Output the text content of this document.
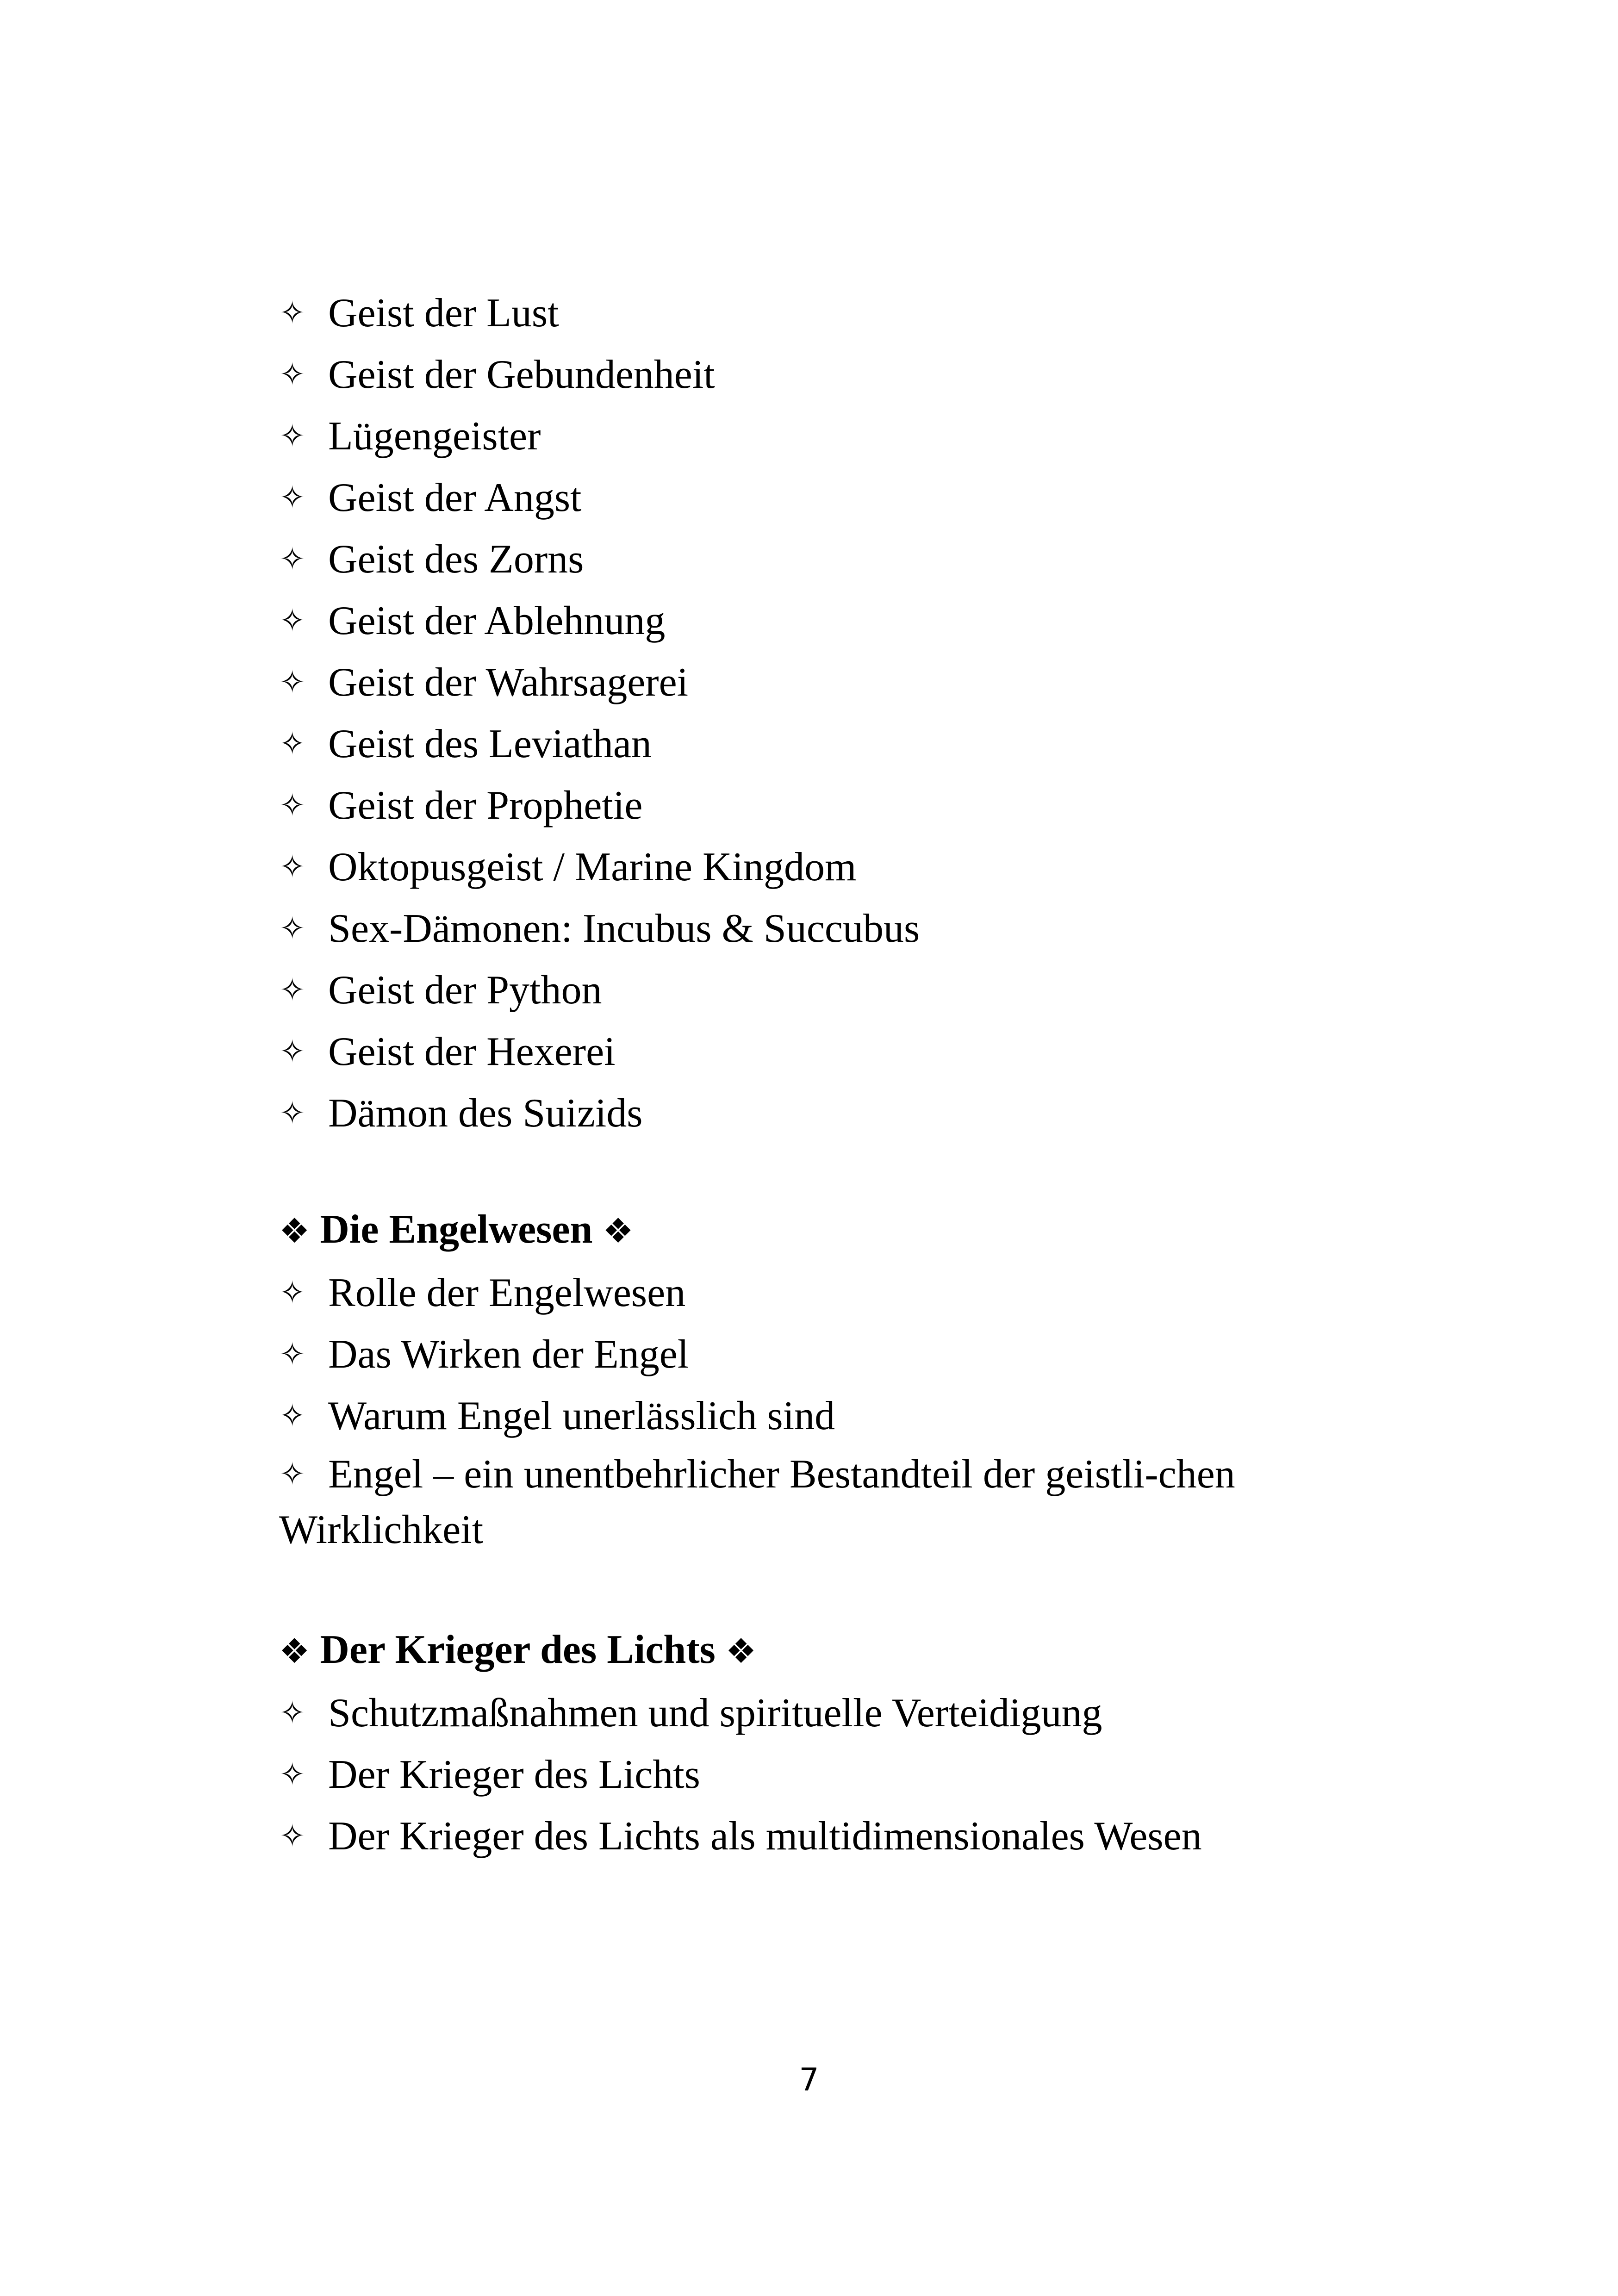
✧ Geist der Lust
✧ Geist der Gebundenheit
✧ Lügengeister
✧ Geist der Angst
✧ Geist des Zorns
✧ Geist der Ablehnung
✧ Geist der Wahrsagerei
✧ Geist des Leviathan
✧ Geist der Prophetie
✧ Oktopusgeist / Marine Kingdom
✧ Sex-Dämonen: Incubus & Succubus
✧ Geist der Python
✧ Geist der Hexerei
✧ Dämon des Suizids
❖ Die Engelwesen ❖
✧ Rolle der Engelwesen
✧ Das Wirken der Engel
✧ Warum Engel unerlässlich sind
✧ Engel – ein unentbehrlicher Bestandteil der geistli-chen Wirklichkeit
❖ Der Krieger des Lichts ❖
✧ Schutzmaßnahmen und spirituelle Verteidigung
✧ Der Krieger des Lichts
✧ Der Krieger des Lichts als multidimensionales Wesen
7
